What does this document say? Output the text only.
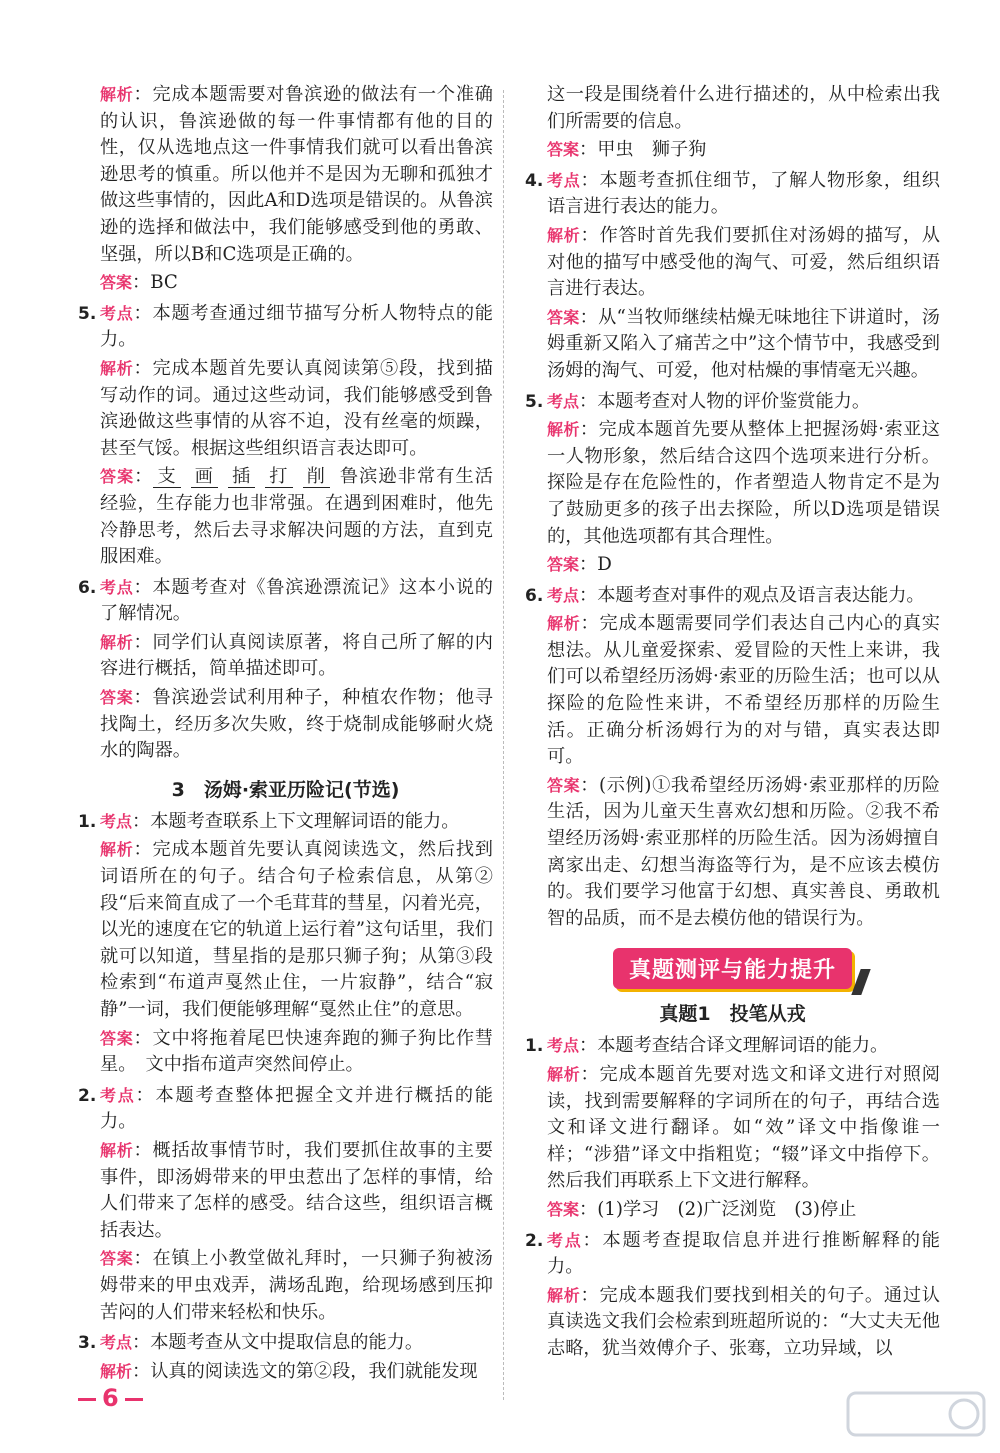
解析：完成本题需要对鲁滨逊的做法有一个准确的认识，鲁滨逊做的每一件事情都有他的目的性，仅从选地点这一件事情我们就可以看出鲁滨逊思考的慎重。所以他并不是因为无聊和孤独才做这些事情的，因此A和D选项是错误的。从鲁滨逊的选择和做法中，我们能够感受到他的勇敢、坚强，所以B和C选项是正确的。

答案：BC

5. 考点：本题考查通过细节描写分析人物特点的能力。

解析：完成本题首先要认真阅读第⑤段，找到描写动作的词。通过这些动词，我们能够感受到鲁滨逊做这些事情的从容不迫，没有丝毫的烦躁，甚至气馁。根据这些组织语言表达即可。

答案： 支 画 插 打 削 鲁滨逊非常有生活经验，生存能力也非常强。在遇到困难时，他先冷静思考，然后去寻求解决问题的方法，直到克服困难。

6. 考点：本题考查对《鲁滨逊漂流记》这本小说的了解情况。

解析：同学们认真阅读原著，将自己所了解的内容进行概括，简单描述即可。

答案：鲁滨逊尝试利用种子，种植农作物；他寻找陶土，经历多次失败，终于烧制成能够耐火烧水的陶器。

3　汤姆·索亚历险记(节选)
1. 考点：本题考查联系上下文理解词语的能力。

解析：完成本题首先要认真阅读选文，然后找到词语所在的句子。结合句子检索信息，从第②段“后来简直成了一个毛茸茸的彗星，闪着光亮，以光的速度在它的轨道上运行着”这句话里，我们就可以知道，彗星指的是那只狮子狗；从第③段检索到“布道声戛然止住，一片寂静”，结合“寂静”一词，我们便能够理解“戛然止住”的意思。

答案：文中将拖着尾巴快速奔跑的狮子狗比作彗星。　文中指布道声突然间停止。

2. 考点：本题考查整体把握全文并进行概括的能力。

解析：概括故事情节时，我们要抓住故事的主要事件，即汤姆带来的甲虫惹出了怎样的事情，给人们带来了怎样的感受。结合这些，组织语言概括表达。

答案：在镇上小教堂做礼拜时，一只狮子狗被汤姆带来的甲虫戏弄，满场乱跑，给现场感到压抑苦闷的人们带来轻松和快乐。

3. 考点：本题考查从文中提取信息的能力。

解析：认真的阅读选文的第②段，我们就能发现

这一段是围绕着什么进行描述的，从中检索出我们所需要的信息。

答案：甲虫　狮子狗

4. 考点：本题考查抓住细节，了解人物形象，组织语言进行表达的能力。

解析：作答时首先我们要抓住对汤姆的描写，从对他的描写中感受他的淘气、可爱，然后组织语言进行表达。

答案：从“当牧师继续枯燥无味地往下讲道时，汤姆重新又陷入了痛苦之中”这个情节中，我感受到汤姆的淘气、可爱，他对枯燥的事情毫无兴趣。

5. 考点：本题考查对人物的评价鉴赏能力。

解析：完成本题首先要从整体上把握汤姆·索亚这一人物形象，然后结合这四个选项来进行分析。探险是存在危险性的，作者塑造人物肯定不是为了鼓励更多的孩子出去探险，所以D选项是错误的，其他选项都有其合理性。

答案：D

6. 考点：本题考查对事件的观点及语言表达能力。

解析：完成本题需要同学们表达自己内心的真实想法。从儿童爱探索、爱冒险的天性上来讲，我们可以希望经历汤姆·索亚的历险生活；也可以从探险的危险性来讲，不希望经历那样的历险生活。正确分析汤姆行为的对与错，真实表达即可。

答案：(示例)①我希望经历汤姆·索亚那样的历险生活，因为儿童天生喜欢幻想和历险。②我不希望经历汤姆·索亚那样的历险生活。因为汤姆擅自离家出走、幻想当海盗等行为，是不应该去模仿的。我们要学习他富于幻想、真实善良、勇敢机智的品质，而不是去模仿他的错误行为。

真题测评与能力提升
真题1　投笔从戎
1. 考点：本题考查结合译文理解词语的能力。

解析：完成本题首先要对选文和译文进行对照阅读，找到需要解释的字词所在的句子，再结合选文和译文进行翻译。如“效”译文中指像谁一样；“涉猎”译文中指粗览；“辍”译文中指停下。然后我们再联系上下文进行解释。

答案：(1)学习　(2)广泛浏览　(3)停止

2. 考点：本题考查提取信息并进行推断解释的能力。

解析：完成本题我们要找到相关的句子。通过认真读选文我们会检索到班超所说的：“大丈夫无他志略，犹当效傅介子、张骞，立功异域，以

6
